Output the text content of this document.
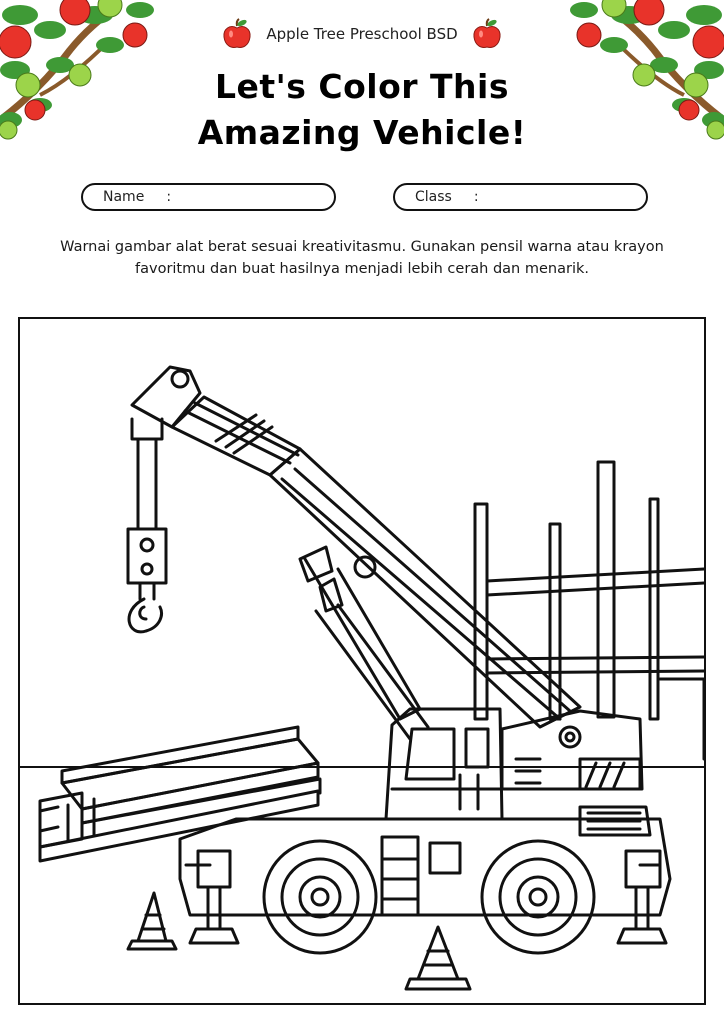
Apple Tree Preschool BSD
Let's Color This
Amazing Vehicle!
Name :	Class :
Warnai gambar alat berat sesuai kreativitasmu. Gunakan pensil warna atau krayon favoritmu dan buat hasilnya menjadi lebih cerah dan menarik.
